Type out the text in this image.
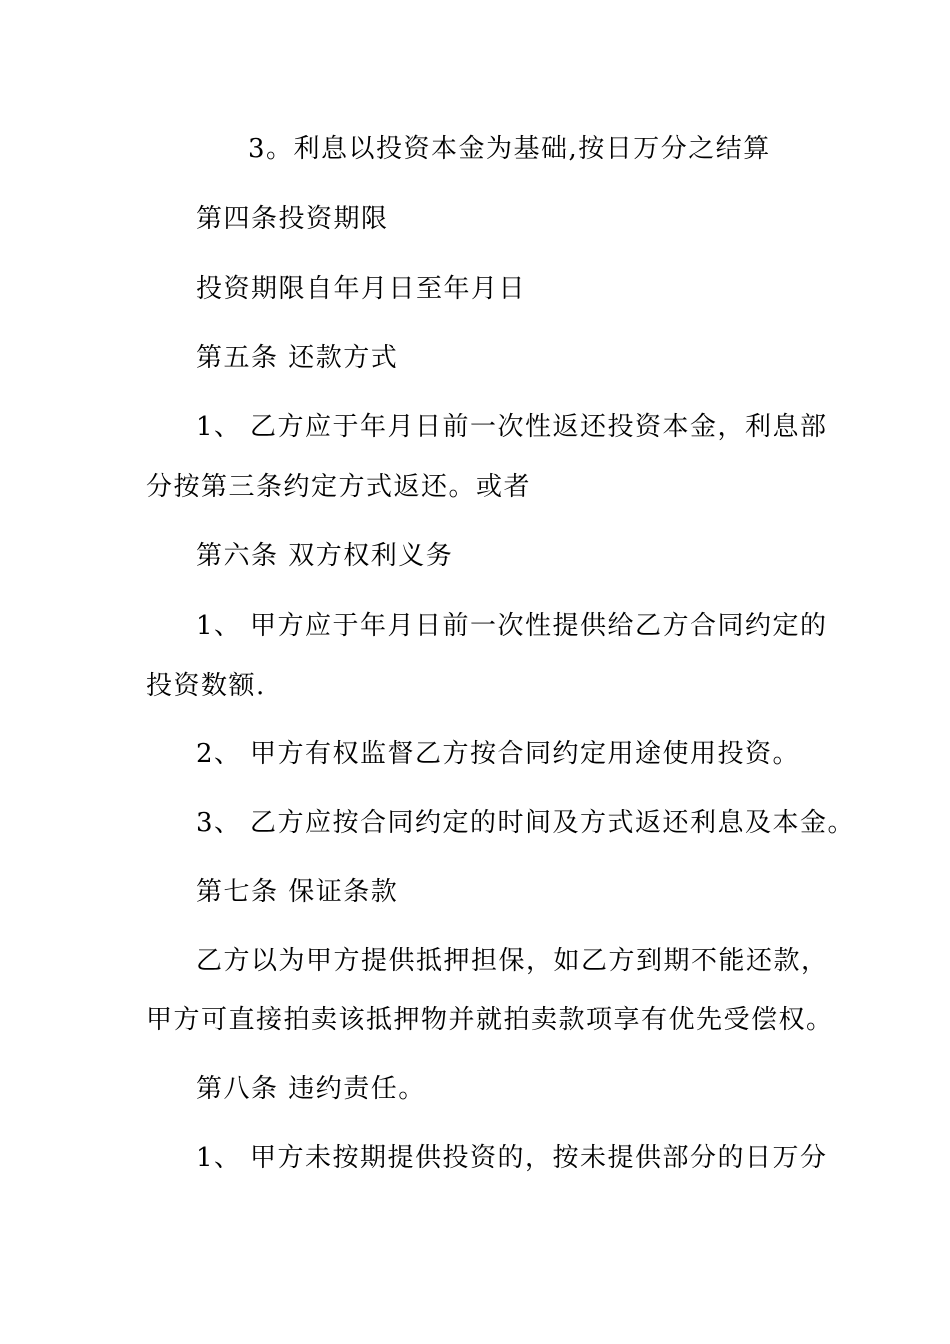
3。利息以投资本金为基础,按日万分之结算
第四条投资期限
投资期限自年月日至年月日
第五条 还款方式
1、 乙方应于年月日前一次性返还投资本金，利息部
分按第三条约定方式返还。或者
第六条 双方权利义务
1、 甲方应于年月日前一次性提供给乙方合同约定的
投资数额.
2、 甲方有权监督乙方按合同约定用途使用投资。
3、 乙方应按合同约定的时间及方式返还利息及本金。
第七条 保证条款
乙方以为甲方提供抵押担保，如乙方到期不能还款，
甲方可直接拍卖该抵押物并就拍卖款项享有优先受偿权。
第八条 违约责任。
1、 甲方未按期提供投资的，按未提供部分的日万分
